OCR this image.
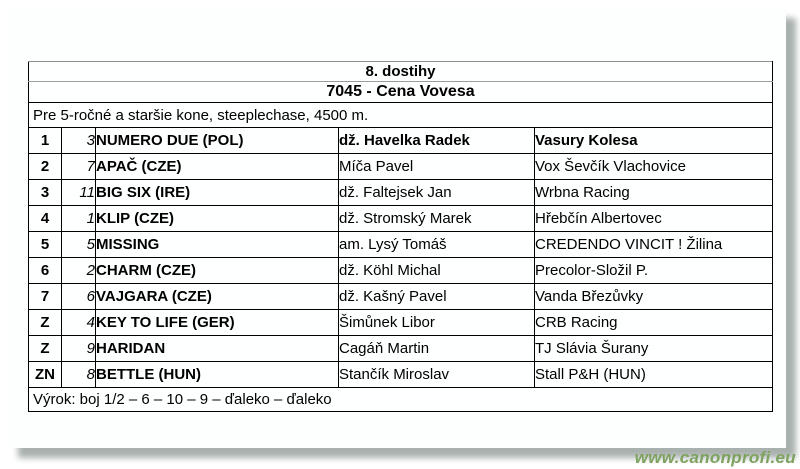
8. dostihy				
7045 - Cena Vovesa				
Pre 5-ročné a staršie kone, steeplechase, 4500 m.				
1	3	NUMERO DUE (POL)	dž. Havelka Radek	Vasury Kolesa
2	7	APAČ (CZE)	Míča Pavel	Vox Ševčík Vlachovice
3	11	BIG SIX (IRE)	dž. Faltejsek Jan	Wrbna Racing
4	1	KLIP (CZE)	dž. Stromský Marek	Hřebčín Albertovec
5	5	MISSING	am. Lysý Tomáš	CREDENDO VINCIT ! Žilina
6	2	CHARM (CZE)	dž. Köhl Michal	Precolor-Složil P.
7	6	VAJGARA (CZE)	dž. Kašný Pavel	Vanda Březůvky
Z	4	KEY TO LIFE (GER)	Šimůnek Libor	CRB Racing
Z	9	HARIDAN	Cagáň Martin	TJ Slávia Šurany
ZN	8	BETTLE (HUN)	Stančík Miroslav	Stall P&H (HUN)
Výrok: boj 1/2 – 6 – 10 – 9 – ďaleko – ďaleko				
www.canonprofi.eu
